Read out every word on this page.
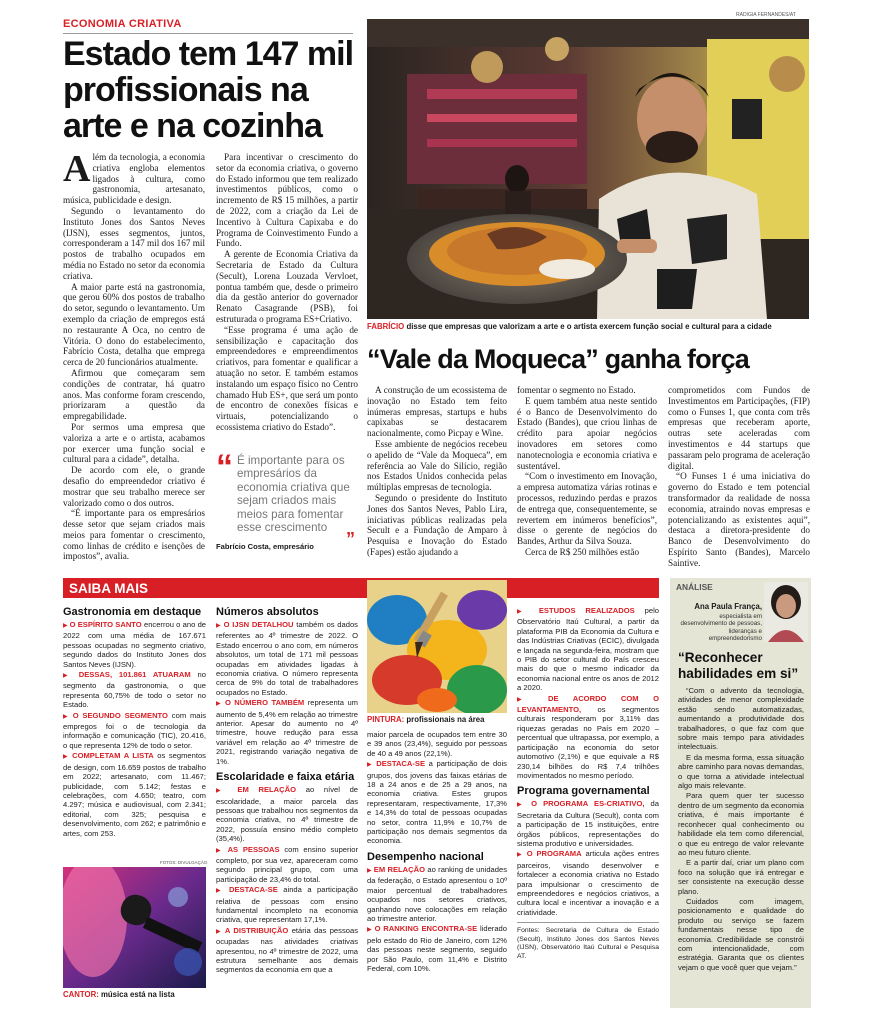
ECONOMIA CRIATIVA
Estado tem 147 mil profissionais na arte e na cozinha
RADIGIA FERNANDES/AT
FABRÍCIO disse que empresas que valorizam a arte e o artista exercem função social e cultural para a cidade
A lém da tecnologia, a economia criativa engloba elementos ligados à cultura, como gastronomia, artesanato, música, publicidade e design.

Segundo o levantamento do Instituto Jones dos Santos Neves (IJSN), esses segmentos, juntos, corresponderam a 147 mil dos 167 mil postos de trabalho ocupados em média no Estado no setor da economia criativa.

A maior parte está na gastronomia, que gerou 60% dos postos de trabalho do setor, segundo o levantamento. Um exemplo da criação de empregos está no restaurante A Oca, no centro de Vitória. O dono do estabelecimento, Fabrício Costa, detalha que emprega cerca de 20 funcionários atualmente.

Afirmou que começaram sem condições de contratar, há quatro anos. Mas conforme foram crescendo, priorizaram a questão da empregabilidade.

Por sermos uma empresa que valoriza a arte e o artista, acabamos por exercer uma função social e cultural para a cidade”, detalha.

De acordo com ele, o grande desafio do empreendedor criativo é mostrar que seu trabalho merece ser valorizado como o dos outros.

“É importante para os empresários desse setor que sejam criados mais meios para fomentar o crescimento, como linhas de crédito e isenções de impostos”, avalia.

Para incentivar o crescimento do setor da economia criativa, o governo do Estado informou que tem realizado investimentos públicos, como o incremento de R$ 15 milhões, a partir de 2022, com a criação da Lei de Incentivo à Cultura Capixaba e do Programa de Coinvestimento Fundo a Fundo.

A gerente de Economia Criativa da Secretaria de Estado da Cultura (Secult), Lorena Louzada Vervloet, pontua também que, desde o primeiro dia da gestão anterior do governador Renato Casagrande (PSB), foi estruturada o programa ES+Criativo.

“Esse programa é uma ação de sensibilização e capacitação dos empreendedores e empreendimentos criativos, para fomentar e qualificar a atuação no setor. E também estamos instalando um espaço físico no Centro chamado Hub ES+, que será um ponto de encontro de conexões físicas e virtuais, potencializando o ecossistema criativo do Estado”.

“ É importante para os empresários da economia criativa que sejam criados mais meios para fomentar esse crescimento
”
Fabrício Costa, empresário
“Vale da Moqueca” ganha força

A construção de um ecossistema de inovação no Estado tem feito inúmeras empresas, startups e hubs capixabas se destacarem nacionalmente, como Picpay e Wine.

Esse ambiente de negócios recebeu o apelido de “Vale da Moqueca”, em referência ao Vale do Silício, região nos Estados Unidos conhecida pelas múltiplas empresas de tecnologia.

Segundo o presidente do Instituto Jones dos Santos Neves, Pablo Lira, iniciativas públicas realizadas pela Secult e a Fundação de Amparo à Pesquisa e Inovação do Estado (Fapes) estão ajudando a

fomentar o segmento no Estado.

E quem também atua neste sentido é o Banco de Desenvolvimento do Estado (Bandes), que criou linhas de crédito para apoiar negócios inovadores em setores como nanotecnologia e economia criativa e sustentável.

“Com o investimento em Inovação, a empresa automatiza várias rotinas e processos, reduzindo perdas e prazos de entrega que, consequentemente, se revertem em inúmeros benefícios”, disse o gerente de negócios do Bandes, Arthur da Silva Souza.

Cerca de R$ 250 milhões estão

comprometidos com Fundos de Investimentos em Participações, (FIP) como o Funses 1, que conta com três empresas que receberam aporte, outras sete aceleradas com investimentos e 44 startups que passaram pelo programa de aceleração digital.

“O Funses 1 é uma iniciativa do governo do Estado e tem potencial transformador da realidade de nossa economia, atraindo novas empresas e potencializando as existentes aqui”, destaca a diretora-presidente do Banco de Desenvolvimento do Espírito Santo (Bandes), Marcelo Saintive.

SAIBA MAIS
Gastronomia em destaque

▶ O ESPÍRITO SANTO encerrou o ano de 2022 com uma média de 167.671 pessoas ocupadas no segmento criativo, segundo dados do Instituto Jones dos Santos Neves (IJSN).

▶ DESSAS, 101.861 ATUARAM no segmento da gastronomia, o que representa 60,75% de todo o setor no Estado.

▶ O SEGUNDO SEGMENTO com mais empregos foi o de tecnologia da informação e comunicação (TIC), 20.416, o que representa 12% de todo o setor.

▶ COMPLETAM A LISTA os segmentos de design, com 16.659 postos de trabalho em 2022; artesanato, com 11.467; publicidade, com 5.142; festas e celebrações, com 4.650; teatro, com 4.297; música e audiovisual, com 2.341; editorial, com 325; pesquisa e desenvolvimento, com 262; e patrimônio e artes, com 253.

FOTOS: DIVULGAÇÃO
CANTOR: música está na lista
Números absolutos

▶ O IJSN DETALHOU também os dados referentes ao 4º trimestre de 2022. O Estado encerrou o ano com, em números absolutos, um total de 171 mil pessoas ocupadas em atividades ligadas à economia criativa. O número representa cerca de 9% do total de trabalhadores ocupados no Estado.

▶ O NÚMERO TAMBÉM representa um aumento de 5,4% em relação ao trimestre anterior. Apesar do aumento no 4º trimestre, houve redução para essa variável em relação ao 4º trimestre de 2021, registrando variação negativa de 1%.

Escolaridade e faixa etária

▶ EM RELAÇÃO ao nível de escolaridade, a maior parcela das pessoas que trabalhou nos segmentos da economia criativa, no 4º trimestre de 2022, possuía ensino médio completo (35,4%).

▶ AS PESSOAS com ensino superior completo, por sua vez, apareceram como segundo principal grupo, com uma participação de 23,4% do total.

▶ DESTACA-SE ainda a participação relativa de pessoas com ensino fundamental incompleto na economia criativa, que representam 17,1%.

▶ A DISTRIBUIÇÃO etária das pessoas ocupadas nas atividades criativas apresentou, no 4º trimestre de 2022, uma estrutura semelhante aos demais segmentos da economia em que a

PINTURA: profissionais na área

maior parcela de ocupados tem entre 30 e 39 anos (23,4%), seguido por pessoas de 40 a 49 anos (22,1%).

▶ DESTACA-SE a participação de dois grupos, dos jovens das faixas etárias de 18 a 24 anos e de 25 a 29 anos, na economia criativa. Estes grupos representaram, respectivamente, 17,3% e 14,3% do total de pessoas ocupadas no setor, contra 11,9% e 10,7% de participação nos demais segmentos da economia.

Desempenho nacional

▶ EM RELAÇÃO ao ranking de unidades da federação, o Estado apresentou o 10º maior percentual de trabalhadores ocupados nos setores criativos, ganhando nove colocações em relação ao trimestre anterior.

▶ O RANKING ENCONTRA-SE liderado pelo estado do Rio de Janeiro, com 12% das pessoas neste segmento, seguido por São Paulo, com 11,4% e Distrito Federal, com 10%.

▶ ESTUDOS REALIZADOS pelo Observatório Itaú Cultural, a partir da plataforma PIB da Economia da Cultura e das Indústrias Criativas (ECIC), divulgada e lançada na segunda-feira, mostram que o PIB do setor cultural do País cresceu mais do que o mesmo indicador da economia nacional entre os anos de 2012 a 2020.

▶ DE ACORDO COM O LEVANTAMENTO, os segmentos culturais responderam por 3,11% das riquezas geradas no País em 2020 – percentual que ultrapassa, por exemplo, a participação na economia do setor automotivo (2,1%) e que equivale a R$ 230,14 bilhões do R$ 7,4 trilhões movimentados no mesmo período.

Programa governamental

▶ O PROGRAMA ES-CRIATIVO, da Secretaria da Cultura (Secult), conta com a participação de 15 instituições, entre órgãos públicos, representações do sistema produtivo e universidades.

▶ O PROGRAMA articula ações entres parceiros, visando desenvolver e fortalecer a economia criativa no Estado para impulsionar o crescimento de empreendedores e negócios criativos, a cultura local e incentivar a inovação e a criatividade.

Fontes: Secretaria de Cultura de Estado (Secult), Instituto Jones dos Santos Neves (IJSN), Observatório Itaú Cultural e Pesquisa AT.
ANÁLISE
Ana Paula França,
especialista em desenvolvimento de pessoas, lideranças e empreendedorismo
“Reconhecer habilidades em si”

“Com o advento da tecnologia, atividades de menor complexidade estão sendo automatizadas, aumentando a produtividade dos trabalhadores, o que faz com que sobre mais tempo para atividades intelectuais.

E da mesma forma, essa situação abre caminho para novas demandas, o que torna a atividade intelectual algo mais relevante.

Para quem quer ter sucesso dentro de um segmento da economia criativa, é mais importante é reconhecer qual conhecimento ou habilidade ela tem como diferencial, o que eu entrego de valor relevante ao meu futuro cliente.

E a partir daí, criar um plano com foco na solução que irá entregar e ser consistente na execução desse plano.

Cuidados com imagem, posicionamento e qualidade do produto ou serviço se fazem fundamentais nesse tipo de economia. Credibilidade se constrói com intencionalidade, com estratégia. Garanta que os clientes vejam o que você quer que vejam.”
